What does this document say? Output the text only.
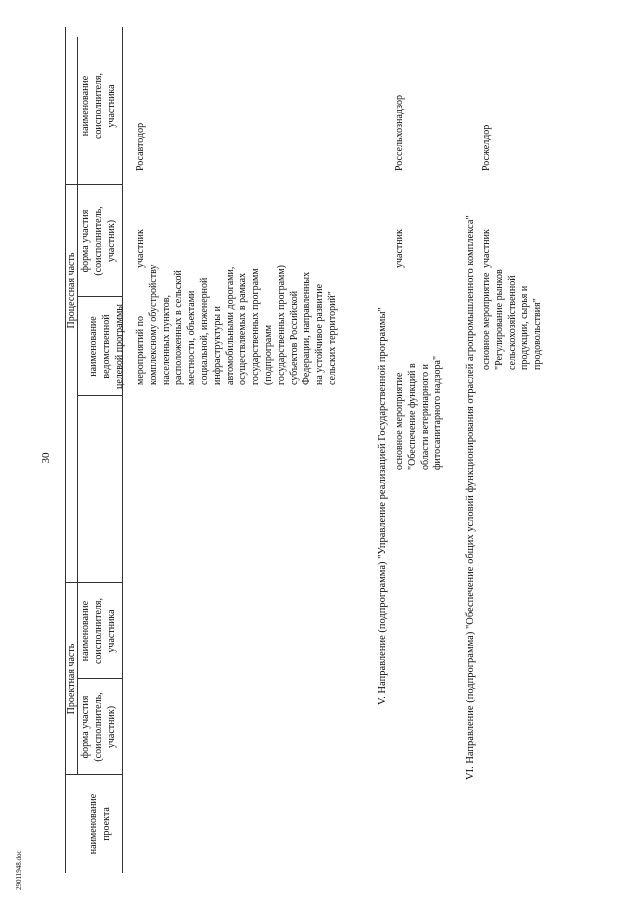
30
29011948.doc
Проектная часть
Процессная часть
наименование
проекта
форма участия
(соисполнитель,
участник)
наименование
соисполнителя,
участника
наименование ведомственной
целевой программы
форма участия
(соисполнитель,
участник)
наименование
соисполнителя,
участника
мероприятий по
комплексному обустройству
населенных пунктов,
расположенных в сельской
местности, объектами
социальной, инженерной
инфраструктуры и
автомобильными дорогами,
осуществляемых в рамках
государственных программ
(подпрограмм
государственных программ)
субъектов Российской
Федерации, направленных
на устойчивое развитие
сельских территорий"
участник
Росавтодор
V. Направление (подпрограмма) "Управление реализацией Государственной программы" основное мероприятие
"Обеспечение функций в
области ветеринарного и
фитосанитарного надзора"
участник
Россельхознадзор
VI. Направление (подпрограмма) "Обеспечение общих условий функционирования отраслей агропромышленного комплекса" основное мероприятие
"Регулирование рынков
сельскохозяйственной
продукции, сырья и
продовольствия"
участник
Росжелдор
